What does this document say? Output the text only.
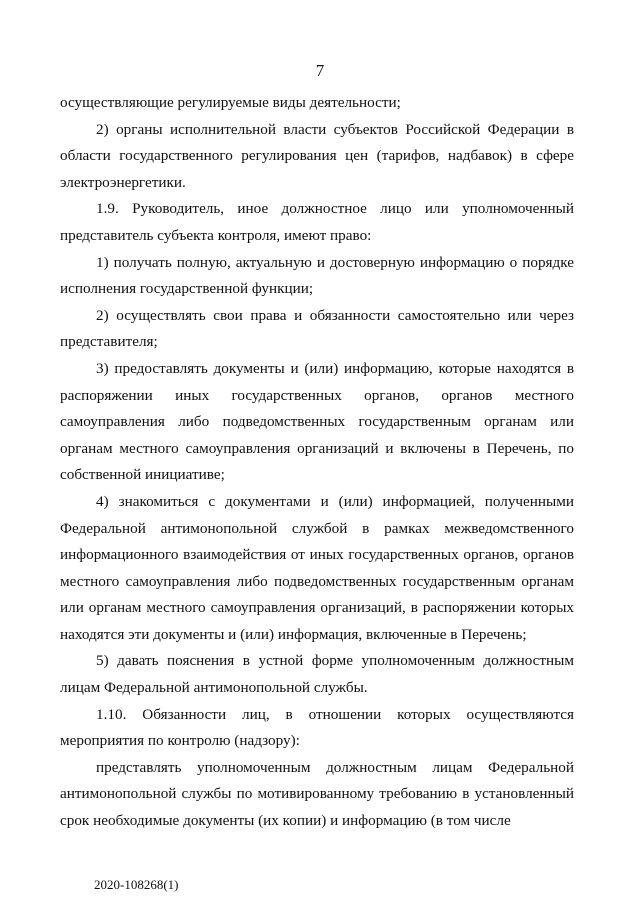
7

осуществляющие регулируемые виды деятельности;

2) органы исполнительной власти субъектов Российской Федерации в области государственного регулирования цен (тарифов, надбавок) в сфере электроэнергетики.

1.9. Руководитель, иное должностное лицо или уполномоченный представитель субъекта контроля, имеют право:

1) получать полную, актуальную и достоверную информацию о порядке исполнения государственной функции;

2) осуществлять свои права и обязанности самостоятельно или через представителя;

3) предоставлять документы и (или) информацию, которые находятся в распоряжении иных государственных органов, органов местного самоуправления либо подведомственных государственным органам или органам местного самоуправления организаций и включены в Перечень, по собственной инициативе;

4) знакомиться с документами и (или) информацией, полученными Федеральной антимонопольной службой в рамках межведомственного информационного взаимодействия от иных государственных органов, органов местного самоуправления либо подведомственных государственным органам или органам местного самоуправления организаций, в распоряжении которых находятся эти документы и (или) информация, включенные в Перечень;

5) давать пояснения в устной форме уполномоченным должностным лицам Федеральной антимонопольной службы.

1.10. Обязанности лиц, в отношении которых осуществляются мероприятия по контролю (надзору):

представлять уполномоченным должностным лицам Федеральной антимонопольной службы по мотивированному требованию в установленный срок необходимые документы (их копии) и информацию (в том числе

2020-108268(1)
